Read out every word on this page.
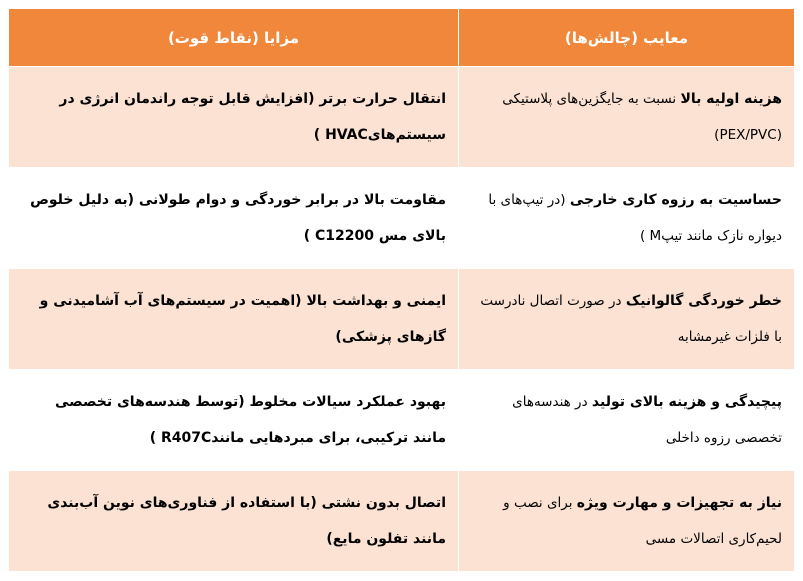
معایب (چالش‌ها)	مزایا (نقاط قوت)
هزینه اولیه بالا نسبت به جایگزین‌های پلاستیکی (PEX/PVC)	انتقال حرارت برتر (افزایش قابل توجه راندمان انرژی در سیستم‌هایHVAC )
حساسیت به رزوه کاری خارجی (در تیپ‌های با دیواره نازک مانند تیپM )	مقاومت بالا در برابر خوردگی و دوام طولانی (به دلیل خلوص بالای مس C12200 )
خطر خوردگی گالوانیک در صورت اتصال نادرست با فلزات غیرمشابه	ایمنی و بهداشت بالا (اهمیت در سیستم‌های آب آشامیدنی و گازهای پزشکی)
پیچیدگی و هزینه بالای تولید در هندسه‌های تخصصی رزوه داخلی	بهبود عملکرد سیالات مخلوط (توسط هندسه‌های تخصصی مانند ترکیبی، برای مبردهایی مانندR407C )
نیاز به تجهیزات و مهارت ویژه برای نصب و لحیم‌کاری اتصالات مسی	اتصال بدون نشتی (با استفاده از فناوری‌های نوین آب‌بندی مانند تفلون مایع)
